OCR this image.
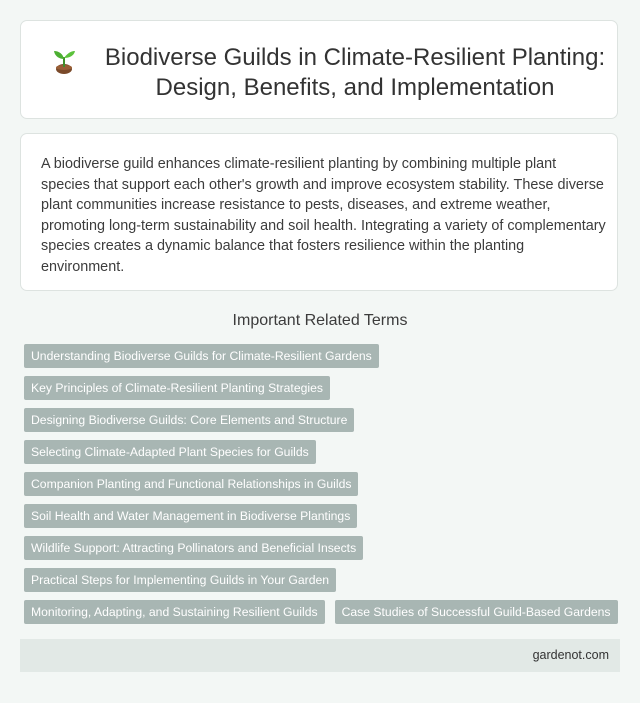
Biodiverse Guilds in Climate-Resilient Planting: Design, Benefits, and Implementation

A biodiverse guild enhances climate-resilient planting by combining multiple plant species that support each other's growth and improve ecosystem stability. These diverse plant communities increase resistance to pests, diseases, and extreme weather, promoting long-term sustainability and soil health. Integrating a variety of complementary species creates a dynamic balance that fosters resilience within the planting environment.

Important Related Terms
Understanding Biodiverse Guilds for Climate-Resilient Gardens
Key Principles of Climate-Resilient Planting Strategies
Designing Biodiverse Guilds: Core Elements and Structure
Selecting Climate-Adapted Plant Species for Guilds
Companion Planting and Functional Relationships in Guilds
Soil Health and Water Management in Biodiverse Plantings
Wildlife Support: Attracting Pollinators and Beneficial Insects
Practical Steps for Implementing Guilds in Your Garden
Monitoring, Adapting, and Sustaining Resilient Guilds	Case Studies of Successful Guild-Based Gardens
gardenot.com
